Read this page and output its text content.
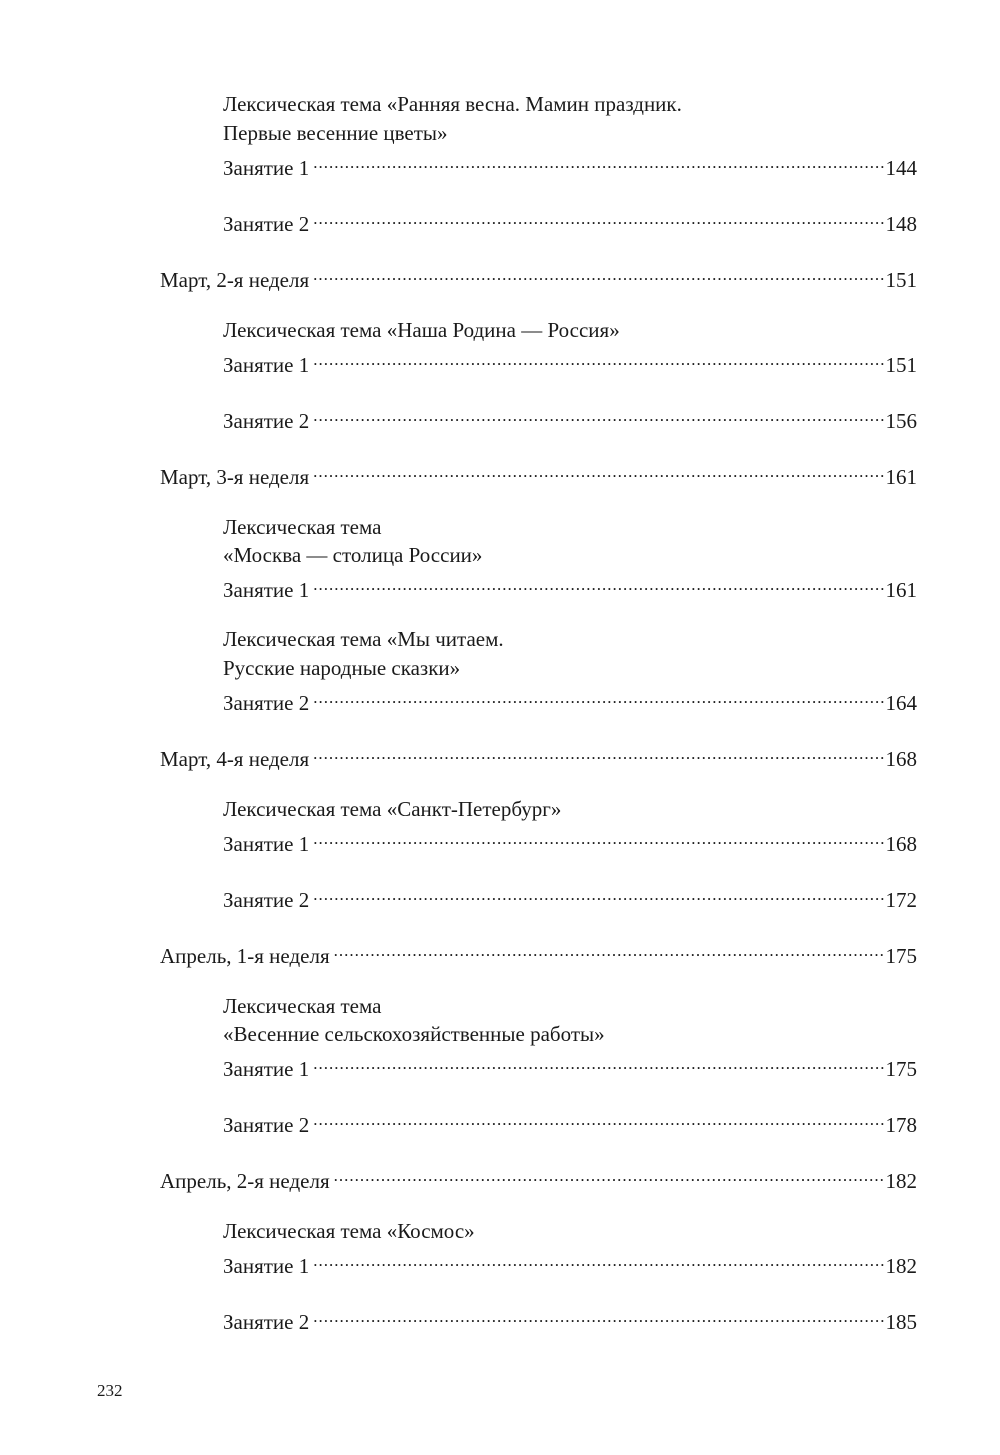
Лексическая тема «Ранняя весна. Мамин праздник.
Первые весенние цветы»
Занятие 1 .....	144
Занятие 2 .....	148
Март, 2-я неделя .....	151
Лексическая тема «Наша Родина — Россия»
Занятие 1 .....	151
Занятие 2 .....	156
Март, 3-я неделя .....	161
Лексическая тема
«Москва — столица России»
Занятие 1 .....	161
Лексическая тема «Мы читаем.
Русские народные сказки»
Занятие 2 .....	164
Март, 4-я неделя .....	168
Лексическая тема «Санкт-Петербург»
Занятие 1 .....	168
Занятие 2 .....	172
Апрель, 1-я неделя .....	175
Лексическая тема
«Весенние сельскохозяйственные работы»
Занятие 1 .....	175
Занятие 2 .....	178
Апрель, 2-я неделя .....	182
Лексическая тема «Космос»
Занятие 1 .....	182
Занятие 2 .....	185
232
